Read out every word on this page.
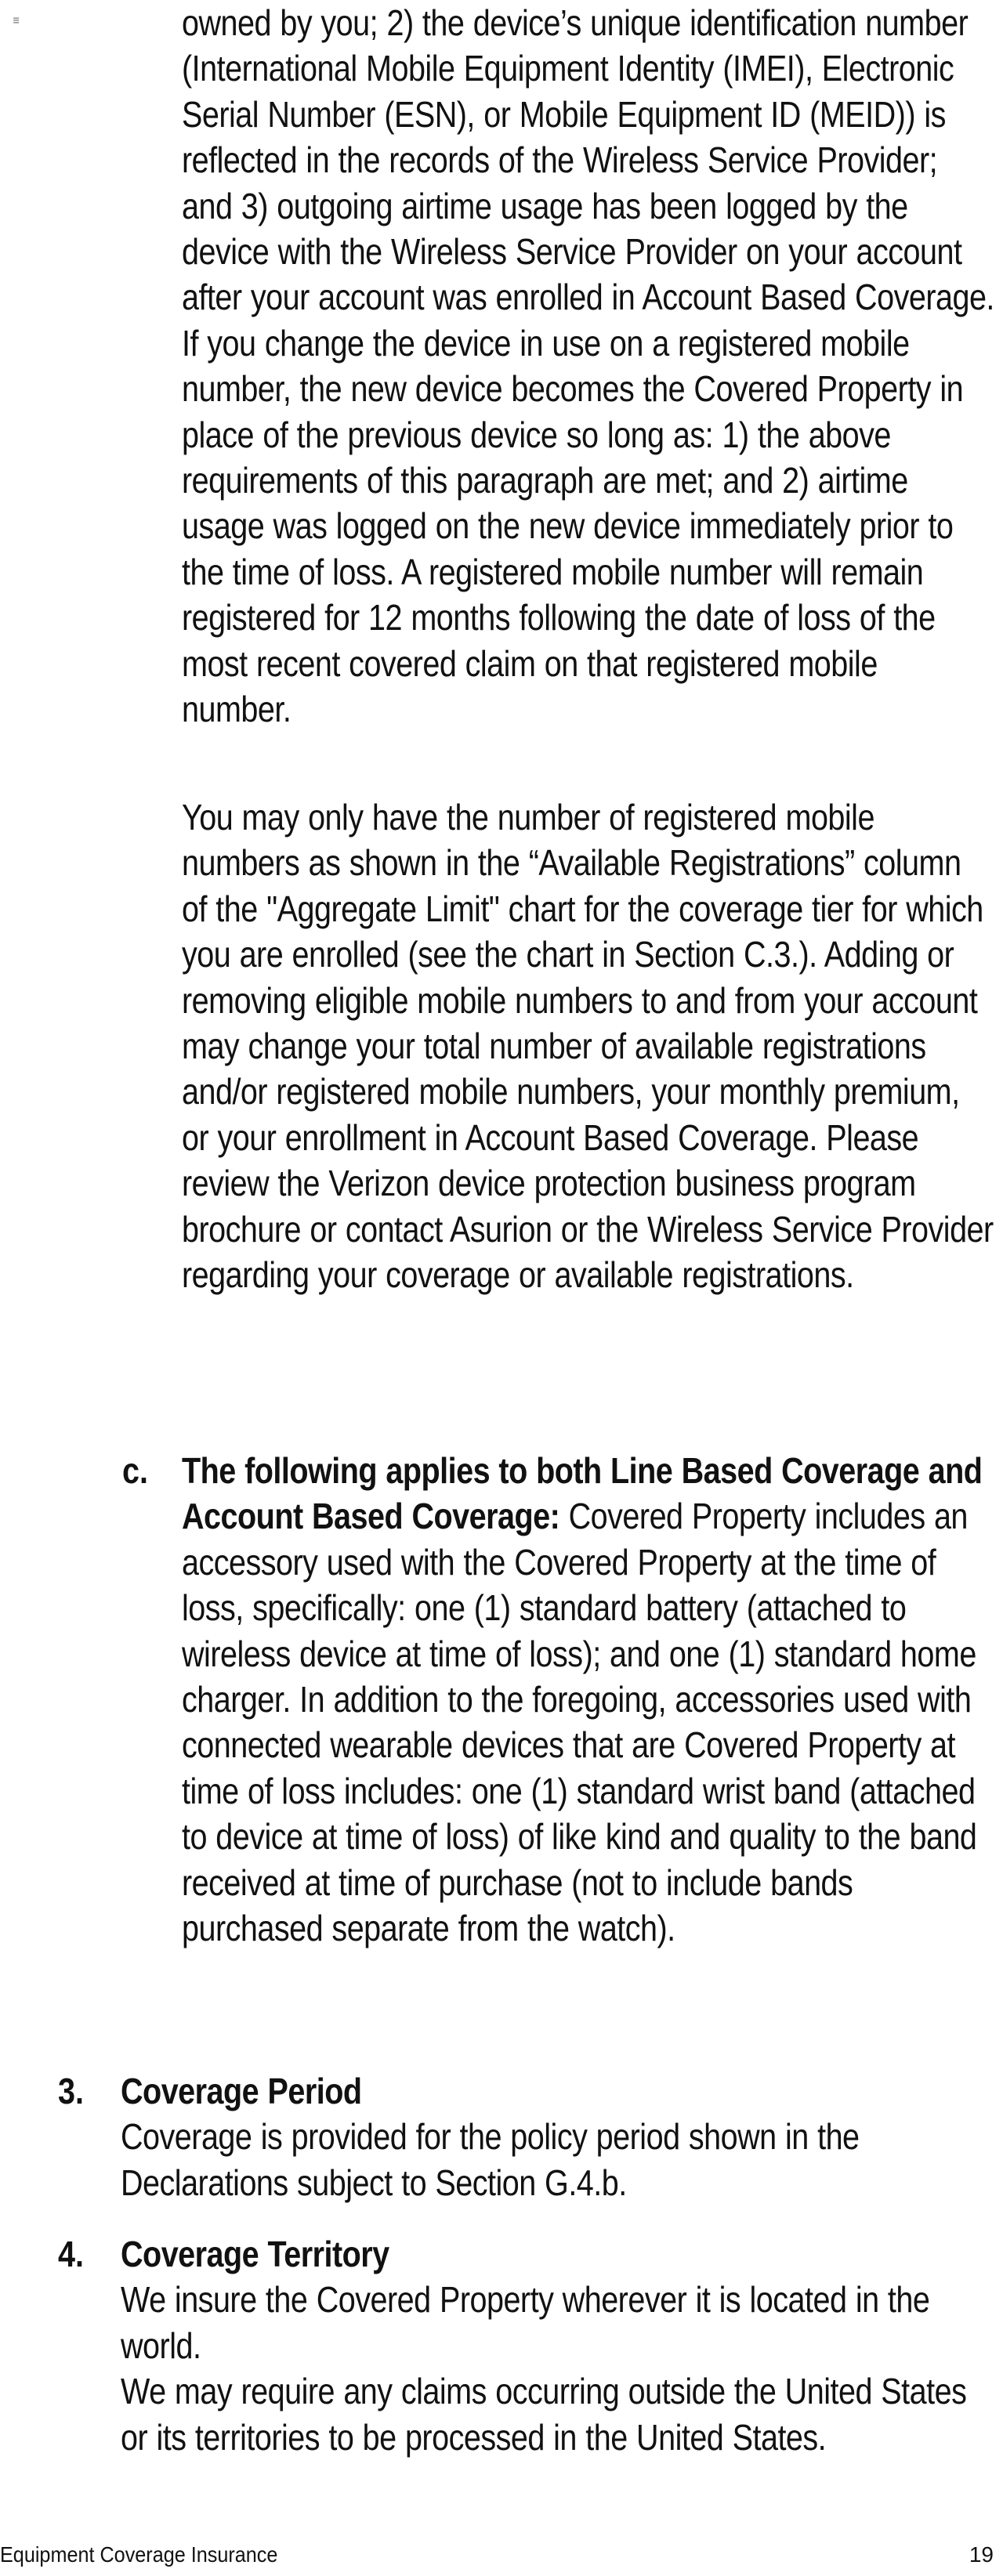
≡	owned by you; 2) the device’s unique identification number (International Mobile Equipment Identity (IMEI), Electronic Serial Number (ESN), or Mobile Equipment ID (MEID)) is reflected in the records of the Wireless Service Provider; and 3) outgoing airtime usage has been logged by the device with the Wireless Service Provider on your account after your account was enrolled in Account Based Coverage. If you change the device in use on a registered mobile number, the new device becomes the Covered Property in place of the previous device so long as: 1) the above requirements of this paragraph are met; and 2) airtime usage was logged on the new device immediately prior to the time of loss. A registered mobile number will remain registered for 12 months following the date of loss of the most recent covered claim on that registered mobile number.

You may only have the number of registered mobile numbers as shown in the “Available Registrations” column of the "Aggregate Limit" chart for the coverage tier for which you are enrolled (see the chart in Section C.3.). Adding or removing eligible mobile numbers to and from your account may change your total number of available registrations and/or registered mobile numbers, your monthly premium, or your enrollment in Account Based Coverage. Please review the Verizon device protection business program brochure or contact Asurion or the Wireless Service Provider regarding your coverage or available registrations.

c. The following applies to both Line Based Coverage and Account Based Coverage: Covered Property includes an accessory used with the Covered Property at the time of loss, specifically: one (1) standard battery (attached to wireless device at time of loss); and one (1) standard home charger. In addition to the foregoing, accessories used with connected wearable devices that are Covered Property at time of loss includes: one (1) standard wrist band (attached to device at time of loss) of like kind and quality to the band received at time of purchase (not to include bands purchased separate from the watch).

3. Coverage Period
Coverage is provided for the policy period shown in the Declarations subject to Section G.4.b.
4. Coverage Territory
We insure the Covered Property wherever it is located in the world.
We may require any claims occurring outside the United States or its territories to be processed in the United States.
Equipment Coverage Insurance	19
